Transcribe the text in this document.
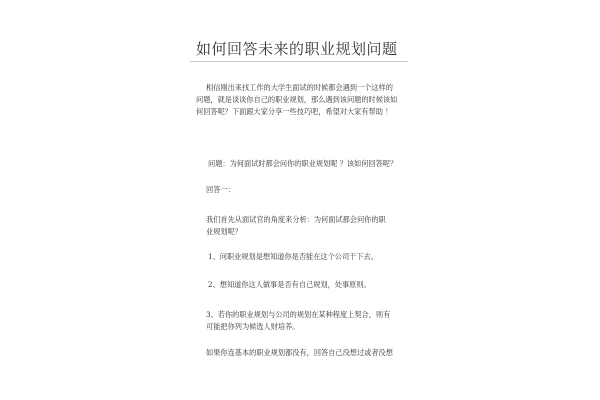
如何回答未来的职业规划问题
相信刚出来找工作的大学生面试的时候都会遇到一个这样的
问题，就是谈谈你自己的职业规划，那么遇到该问题的时候该如
何回答呢？下面跟大家分享一些技巧吧，希望对大家有帮助 ！
问题：为何面试时都会问你的职业规划呢 ？该如何回答呢？
回答一：
我们首先从面试官的角度来分析：为何面试都会问你的职
业规划呢？
1、问职业规划是想知道你是否能在这个公司干下去。
2、想知道你这人做事是否有自己规划，处事原则。
3、若你的职业规划与公司的规划在某种程度上契合，则有
可能把你列为候选人财培养。
如果你连基本的职业规划都没有，回答自己没想过或者没想
